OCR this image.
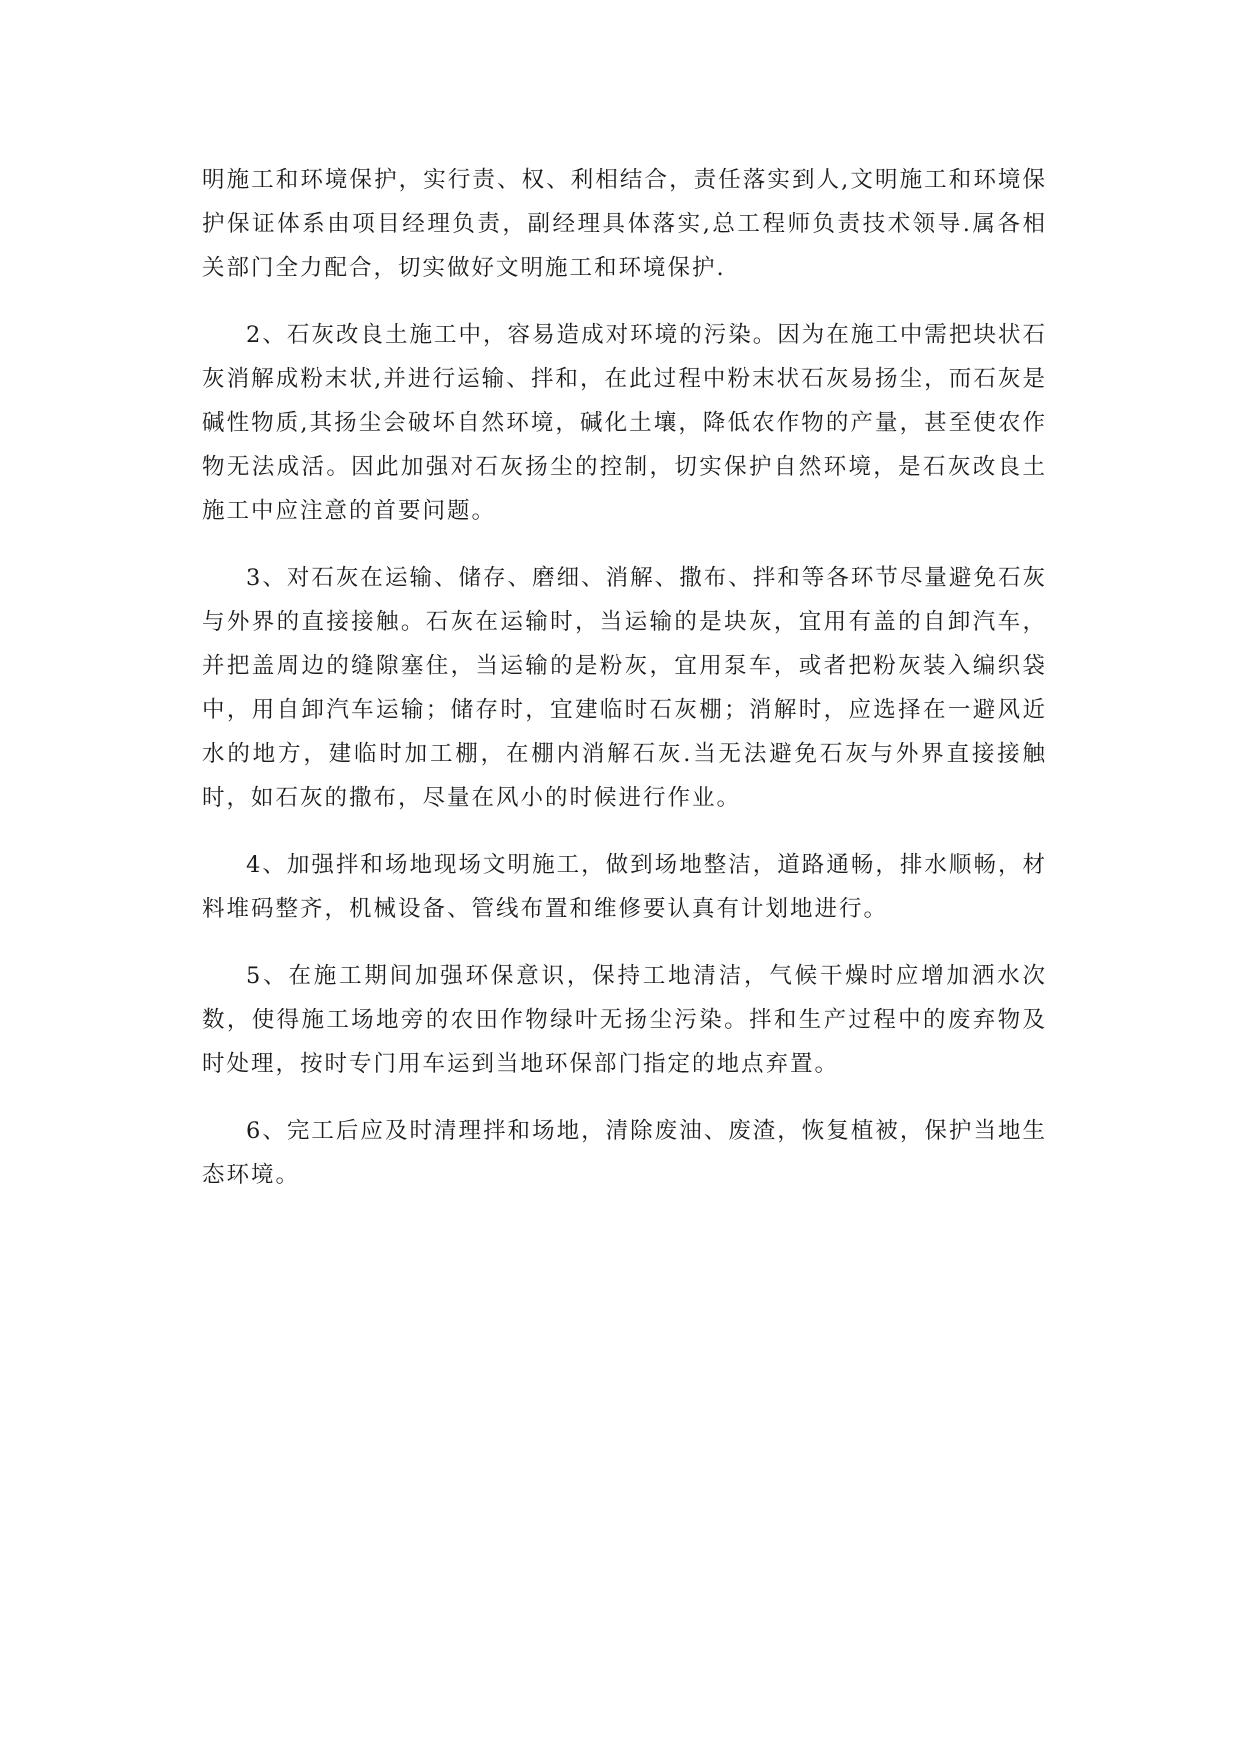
明施工和环境保护，实行责、权、利相结合，责任落实到人,文明施工和环境保护保证体系由项目经理负责，副经理具体落实,总工程师负责技术领导.属各相关部门全力配合，切实做好文明施工和环境保护.

2、石灰改良土施工中，容易造成对环境的污染。因为在施工中需把块状石灰消解成粉末状,并进行运输、拌和，在此过程中粉末状石灰易扬尘，而石灰是碱性物质,其扬尘会破坏自然环境，碱化土壤，降低农作物的产量，甚至使农作物无法成活。因此加强对石灰扬尘的控制，切实保护自然环境，是石灰改良土施工中应注意的首要问题。

3、对石灰在运输、储存、磨细、消解、撒布、拌和等各环节尽量避免石灰与外界的直接接触。石灰在运输时，当运输的是块灰，宜用有盖的自卸汽车，并把盖周边的缝隙塞住，当运输的是粉灰，宜用泵车，或者把粉灰装入编织袋中，用自卸汽车运输；储存时，宜建临时石灰棚；消解时，应选择在一避风近水的地方，建临时加工棚，在棚内消解石灰.当无法避免石灰与外界直接接触时，如石灰的撒布，尽量在风小的时候进行作业。

4、加强拌和场地现场文明施工，做到场地整洁，道路通畅，排水顺畅，材料堆码整齐，机械设备、管线布置和维修要认真有计划地进行。

5、在施工期间加强环保意识，保持工地清洁，气候干燥时应增加洒水次数，使得施工场地旁的农田作物绿叶无扬尘污染。拌和生产过程中的废弃物及时处理，按时专门用车运到当地环保部门指定的地点弃置。

6、完工后应及时清理拌和场地，清除废油、废渣，恢复植被，保护当地生态环境。
